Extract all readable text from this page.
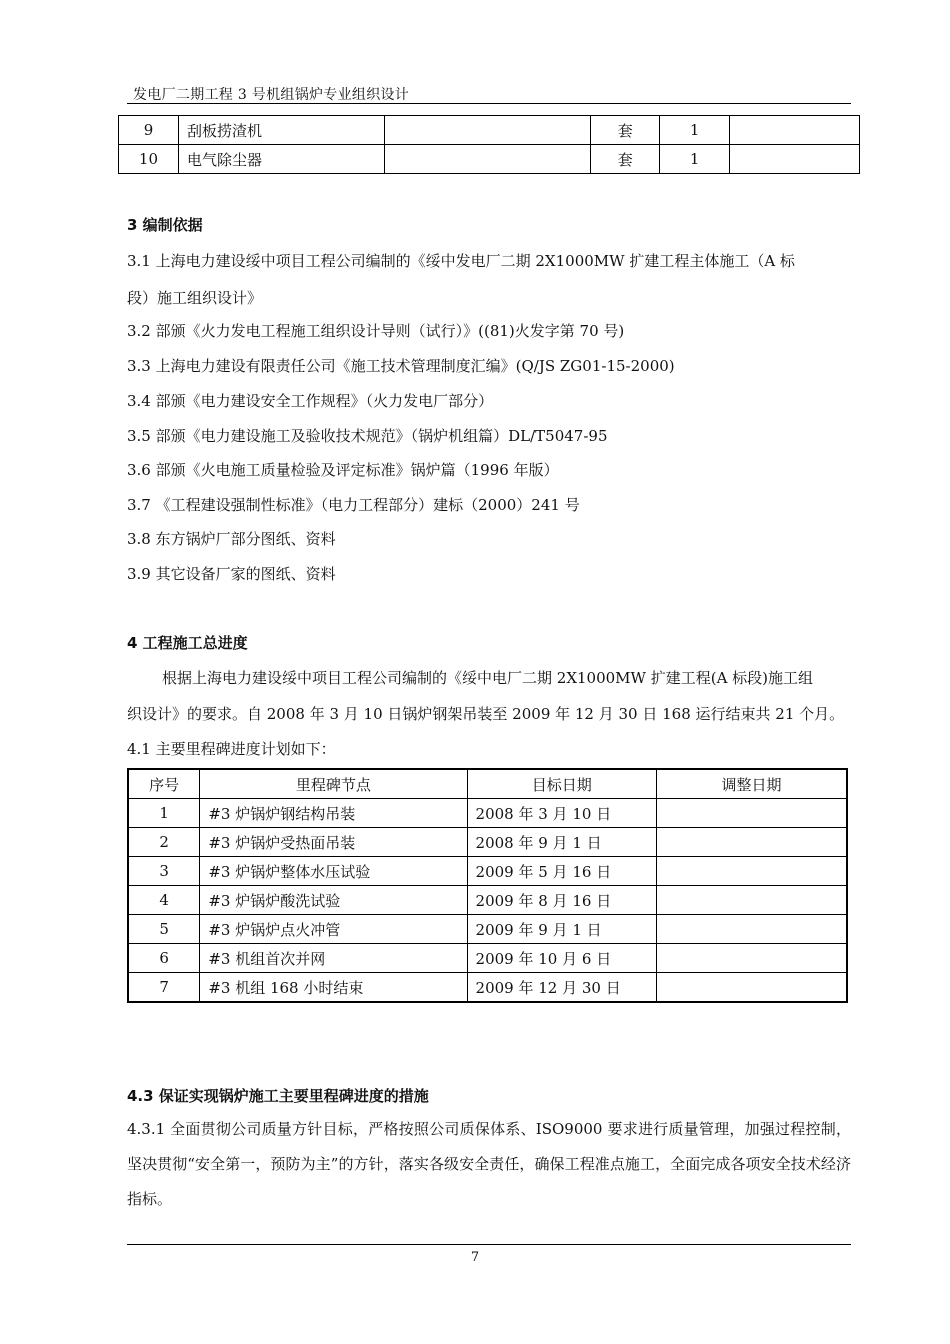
发电厂二期工程 3 号机组锅炉专业组织设计
9	刮板捞渣机		套	1	
10	电气除尘器		套	1	
3 编制依据
3.1 上海电力建设绥中项目工程公司编制的《绥中发电厂二期 2X1000MW 扩建工程主体施工（A 标
段）施工组织设计》
3.2 部颁《火力发电工程施工组织设计导则（试行）》((81)火发字第 70 号)
3.3 上海电力建设有限责任公司《施工技术管理制度汇编》(Q/JS ZG01-15-2000)
3.4 部颁《电力建设安全工作规程》（火力发电厂部分）
3.5 部颁《电力建设施工及验收技术规范》（锅炉机组篇）DL/T5047-95
3.6 部颁《火电施工质量检验及评定标准》锅炉篇（1996 年版）
3.7 《工程建设强制性标准》（电力工程部分）建标（2000）241 号
3.8 东方锅炉厂部分图纸、资料
3.9 其它设备厂家的图纸、资料
4 工程施工总进度
根据上海电力建设绥中项目工程公司编制的《绥中电厂二期 2X1000MW 扩建工程(A 标段)施工组
织设计》的要求。自 2008 年 3 月 10 日锅炉钢架吊装至 2009 年 12 月 30 日 168 运行结束共 21 个月。
4.1 主要里程碑进度计划如下：
序号	里程碑节点	目标日期	调整日期
1	#3 炉锅炉钢结构吊装	2008 年 3 月 10 日	
2	#3 炉锅炉受热面吊装	2008 年 9 月 1 日	
3	#3 炉锅炉整体水压试验	2009 年 5 月 16 日	
4	#3 炉锅炉酸洗试验	2009 年 8 月 16 日	
5	#3 炉锅炉点火冲管	2009 年 9 月 1 日	
6	#3 机组首次并网	2009 年 10 月 6 日	
7	#3 机组 168 小时结束	2009 年 12 月 30 日	
4.3 保证实现锅炉施工主要里程碑进度的措施
4.3.1 全面贯彻公司质量方针目标，严格按照公司质保体系、ISO9000 要求进行质量管理，加强过程控制，坚决贯彻“安全第一，预防为主”的方针，落实各级安全责任，确保工程准点施工，全面完成各项安全技术经济指标。
7
